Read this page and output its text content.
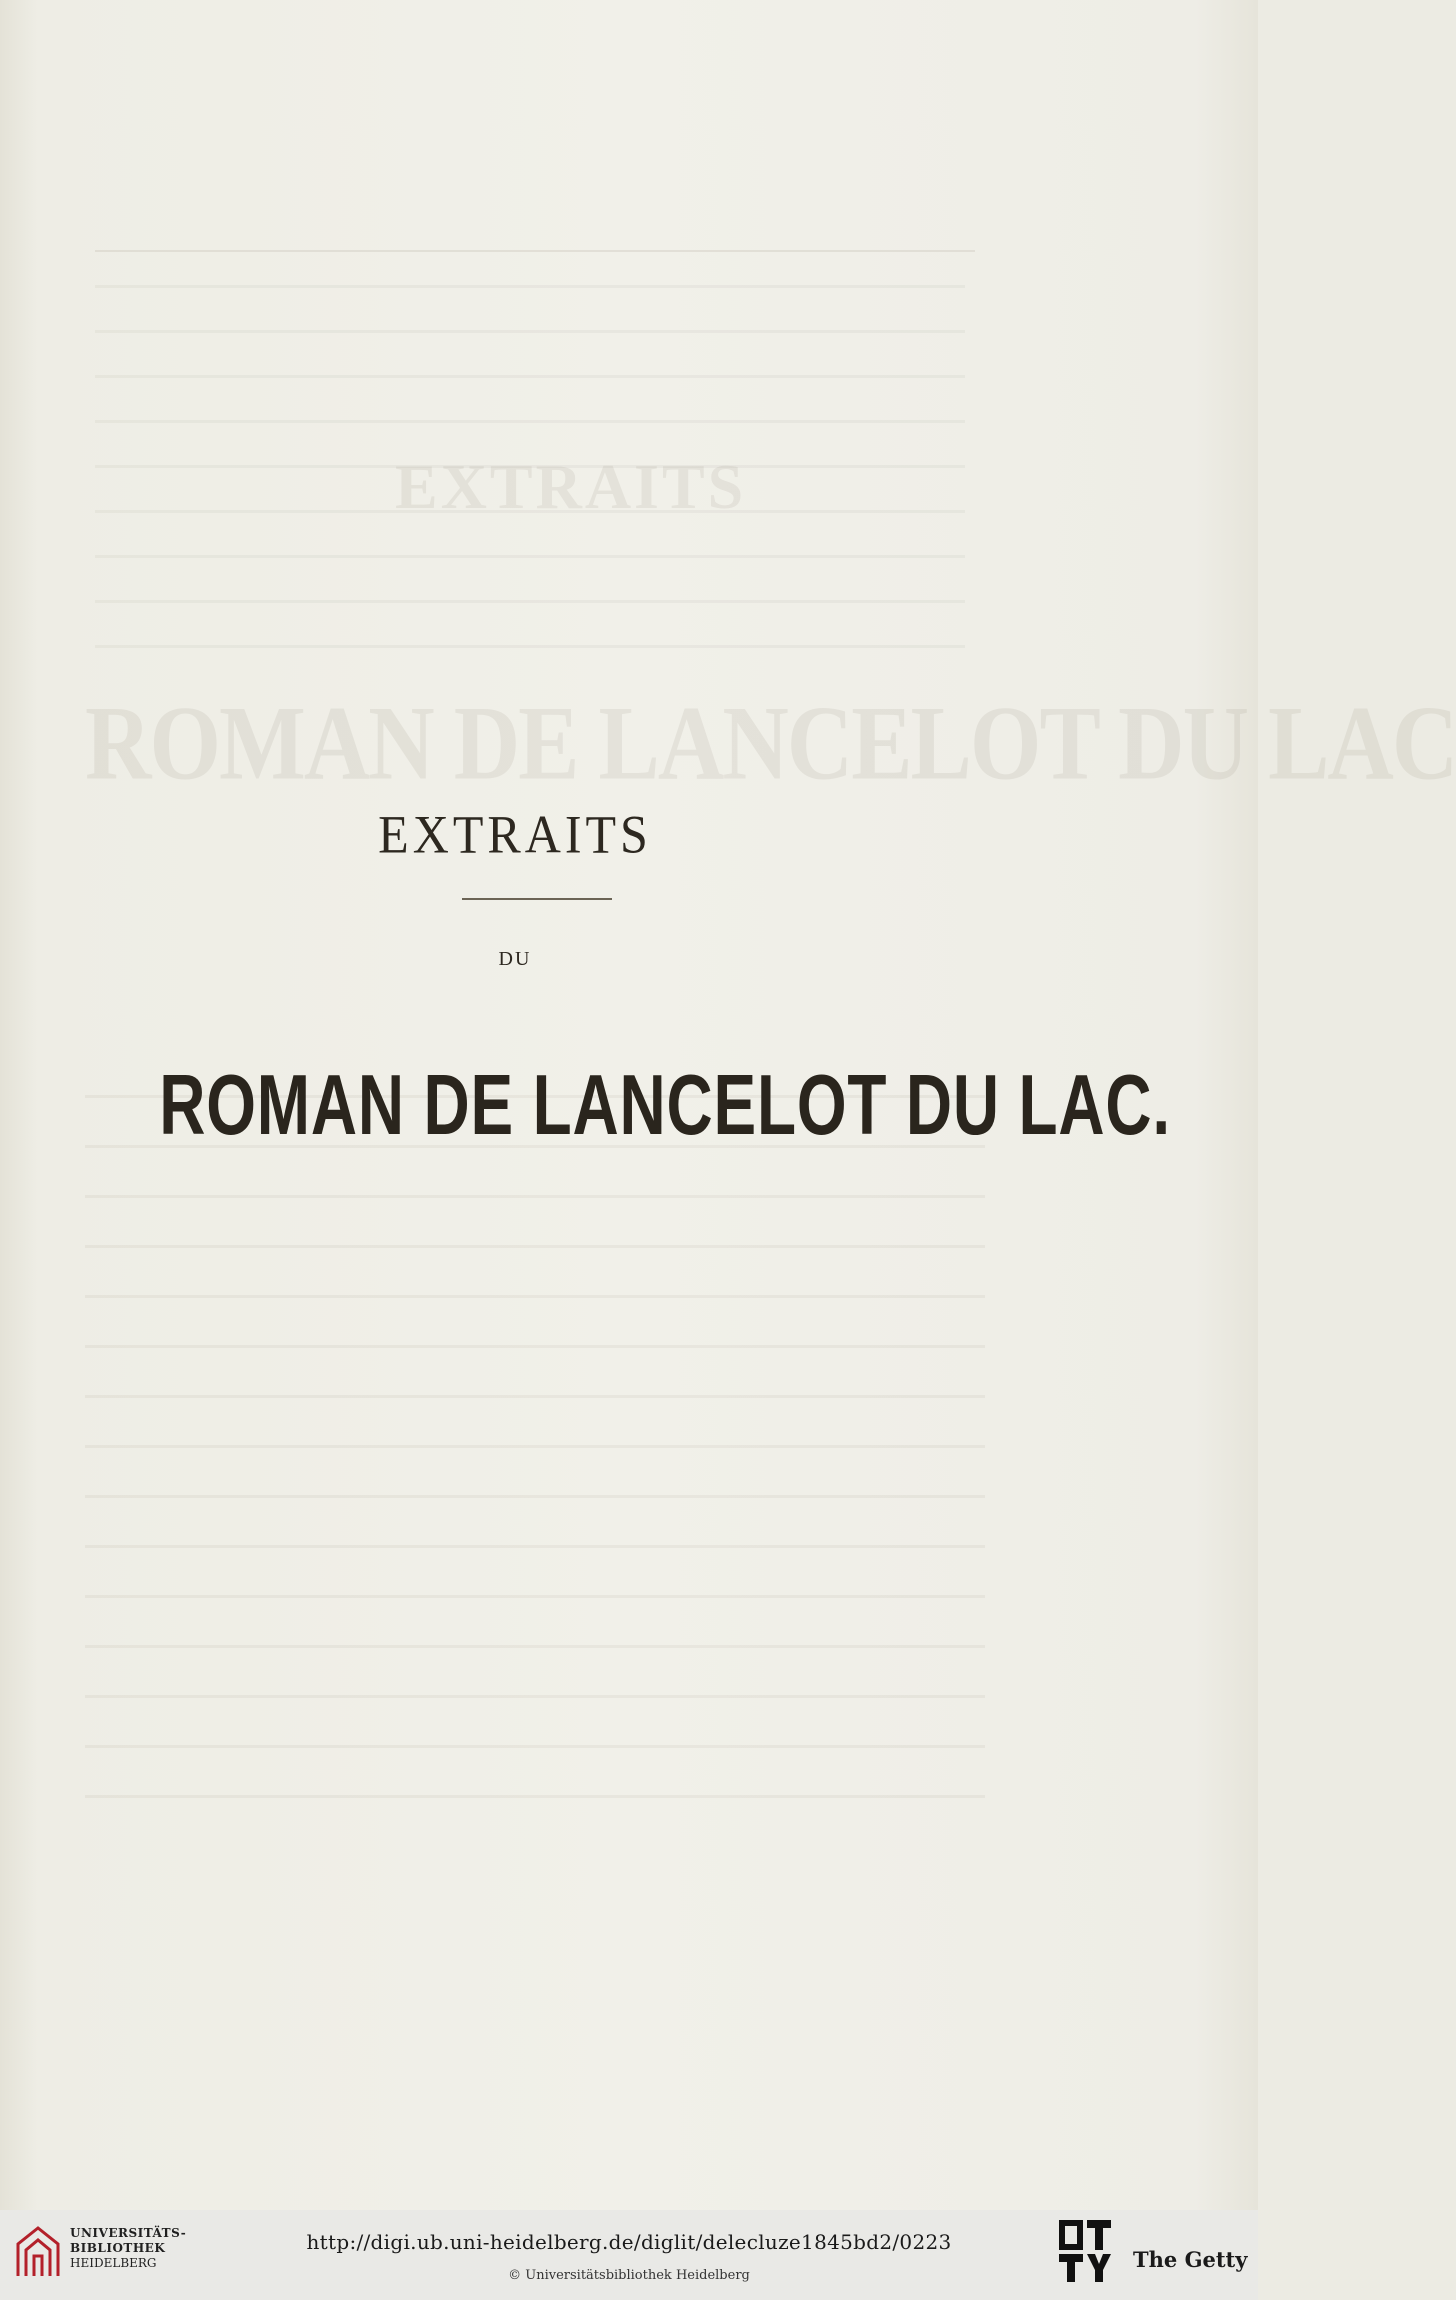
EXTRAITS
ROMAN DE LANCELOT DU LAC
EXTRAITS
DU
ROMAN DE LANCELOT DU LAC.
UNIVERSITÄTS-
BIBLIOTHEK
HEIDELBERG
http://digi.ub.uni-heidelberg.de/diglit/delecluze1845bd2/0223
© Universitätsbibliothek Heidelberg
The Getty
